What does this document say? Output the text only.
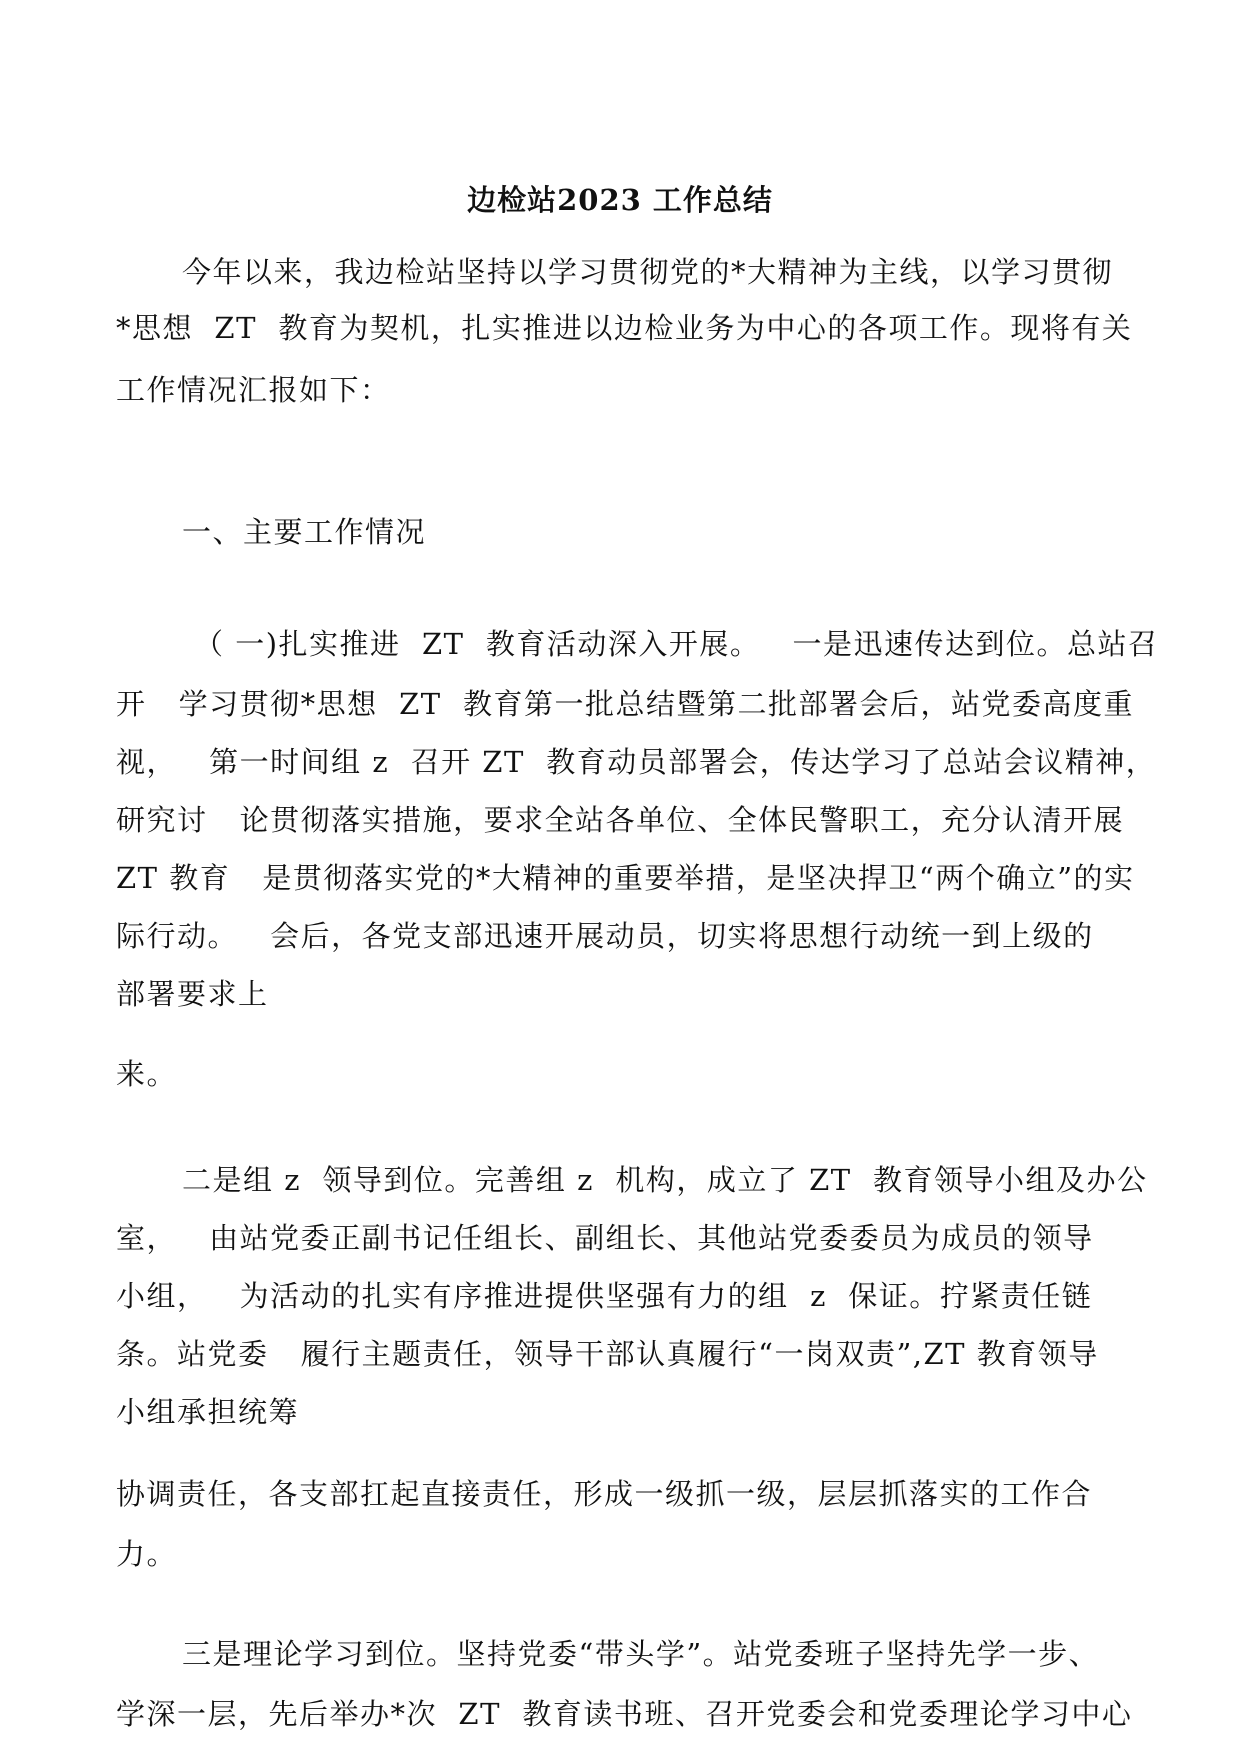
边检站2023 工作总结
今年以来，我边检站坚持以学习贯彻党的*大精神为主线，以学习贯彻
*思想  ZT  教育为契机，扎实推进以边检业务为中心的各项工作。现将有关
工作情况汇报如下：
一、主要工作情况
（ 一)扎实推进  ZT  教育活动深入开展。   一是迅速传达到位。总站召
开   学习贯彻*思想  ZT  教育第一批总结暨第二批部署会后，站党委高度重
视，   第一时间组 z  召开 ZT  教育动员部署会，传达学习了总站会议精神，
研究讨   论贯彻落实措施，要求全站各单位、全体民警职工，充分认清开展
ZT 教育   是贯彻落实党的*大精神的重要举措，是坚决捍卫“两个确立”的实
际行动。   会后，各党支部迅速开展动员，切实将思想行动统一到上级的
部署要求上
来。
二是组 z  领导到位。完善组 z  机构，成立了 ZT  教育领导小组及办公
室，   由站党委正副书记任组长、副组长、其他站党委委员为成员的领导
小组，   为活动的扎实有序推进提供坚强有力的组  z  保证。拧紧责任链
条。站党委   履行主题责任，领导干部认真履行“一岗双责”,ZT 教育领导
小组承担统筹
协调责任，各支部扛起直接责任，形成一级抓一级，层层抓落实的工作合
力。
三是理论学习到位。坚持党委“带头学”。站党委班子坚持先学一步、
学深一层，先后举办*次  ZT  教育读书班、召开党委会和党委理论学习中心
